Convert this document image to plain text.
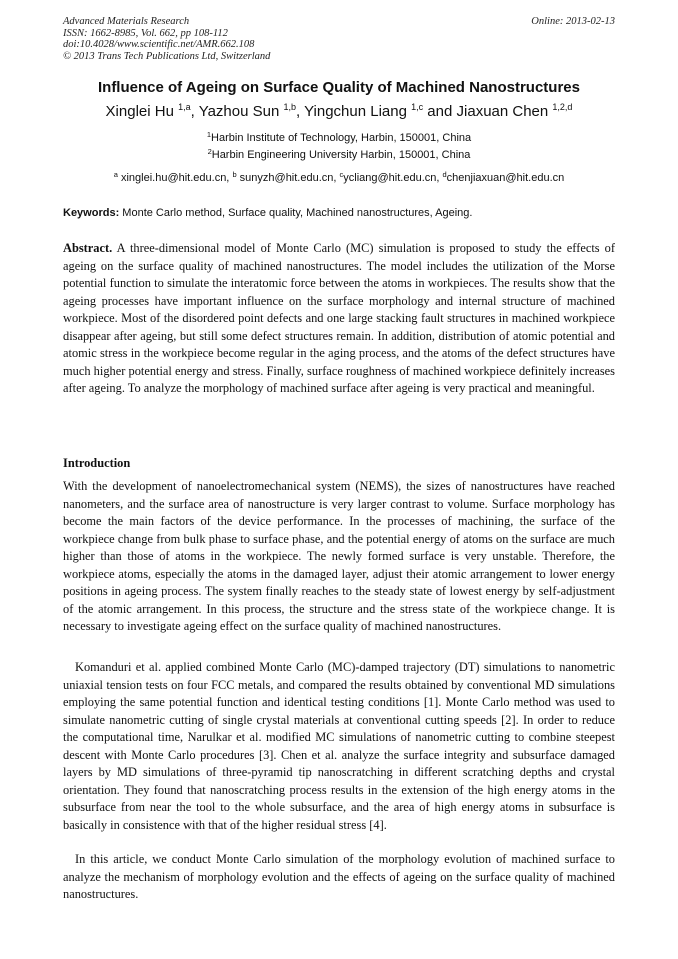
Advanced Materials Research
ISSN: 1662-8985, Vol. 662, pp 108-112
doi:10.4028/www.scientific.net/AMR.662.108
© 2013 Trans Tech Publications Ltd, Switzerland
Online: 2013-02-13
Influence of Ageing on Surface Quality of Machined Nanostructures
Xinglei Hu $^{1,a}$, Yazhou Sun $^{1,b}$, Yingchun Liang $^{1,c}$ and Jiaxuan Chen $^{1,2,d}$
$^1$Harbin Institute of Technology, Harbin, 150001, China
$^2$Harbin Engineering University Harbin, 150001, China
$^a$ xinglei.hu@hit.edu.cn, $^b$ sunyzh@hit.edu.cn, $^c$ycliang@hit.edu.cn, $^d$chenjiaxuan@hit.edu.cn
Keywords: Monte Carlo method, Surface quality, Machined nanostructures, Ageing.

Abstract. A three-dimensional model of Monte Carlo (MC) simulation is proposed to study the effects of ageing on the surface quality of machined nanostructures. The model includes the utilization of the Morse potential function to simulate the interatomic force between the atoms in workpieces. The results show that the ageing processes have important influence on the surface morphology and internal structure of machined workpiece. Most of the disordered point defects and one large stacking fault structures in machined workpiece disappear after ageing, but still some defect structures remain. In addition, distribution of atomic potential and atomic stress in the workpiece become regular in the aging process, and the atoms of the defect structures have much higher potential energy and stress. Finally, surface roughness of machined workpiece definitely increases after ageing. To analyze the morphology of machined surface after ageing is very practical and meaningful.

Introduction

With the development of nanoelectromechanical system (NEMS), the sizes of nanostructures have reached nanometers, and the surface area of nanostructure is very larger contrast to volume. Surface morphology has become the main factors of the device performance. In the processes of machining, the surface of the workpiece change from bulk phase to surface phase, and the potential energy of atoms on the surface are much higher than those of atoms in the workpiece. The newly formed surface is very unstable. Therefore, the workpiece atoms, especially the atoms in the damaged layer, adjust their atomic arrangement to lower energy positions in ageing process. The system finally reaches to the steady state of lowest energy by self-adjustment of the atomic arrangement. In this process, the structure and the stress state of the workpiece change. It is necessary to investigate ageing effect on the surface quality of machined nanostructures.

Komanduri et al. applied combined Monte Carlo (MC)-damped trajectory (DT) simulations to nanometric uniaxial tension tests on four FCC metals, and compared the results obtained by conventional MD simulations employing the same potential function and identical testing conditions [1]. Monte Carlo method was used to simulate nanometric cutting of single crystal materials at conventional cutting speeds [2]. In order to reduce the computational time, Narulkar et al. modified MC simulations of nanometric cutting to combine steepest descent with Monte Carlo procedures [3]. Chen et al. analyze the surface integrity and subsurface damaged layers by MD simulations of three-pyramid tip nanoscratching in different scratching depths and crystal orientation. They found that nanoscratching process results in the extension of the high energy atoms in the subsurface from near the tool to the whole subsurface, and the area of high energy atoms in subsurface is basically in consistence with that of the higher residual stress [4].

In this article, we conduct Monte Carlo simulation of the morphology evolution of machined surface to analyze the mechanism of morphology evolution and the effects of ageing on the surface quality of machined nanostructures.
